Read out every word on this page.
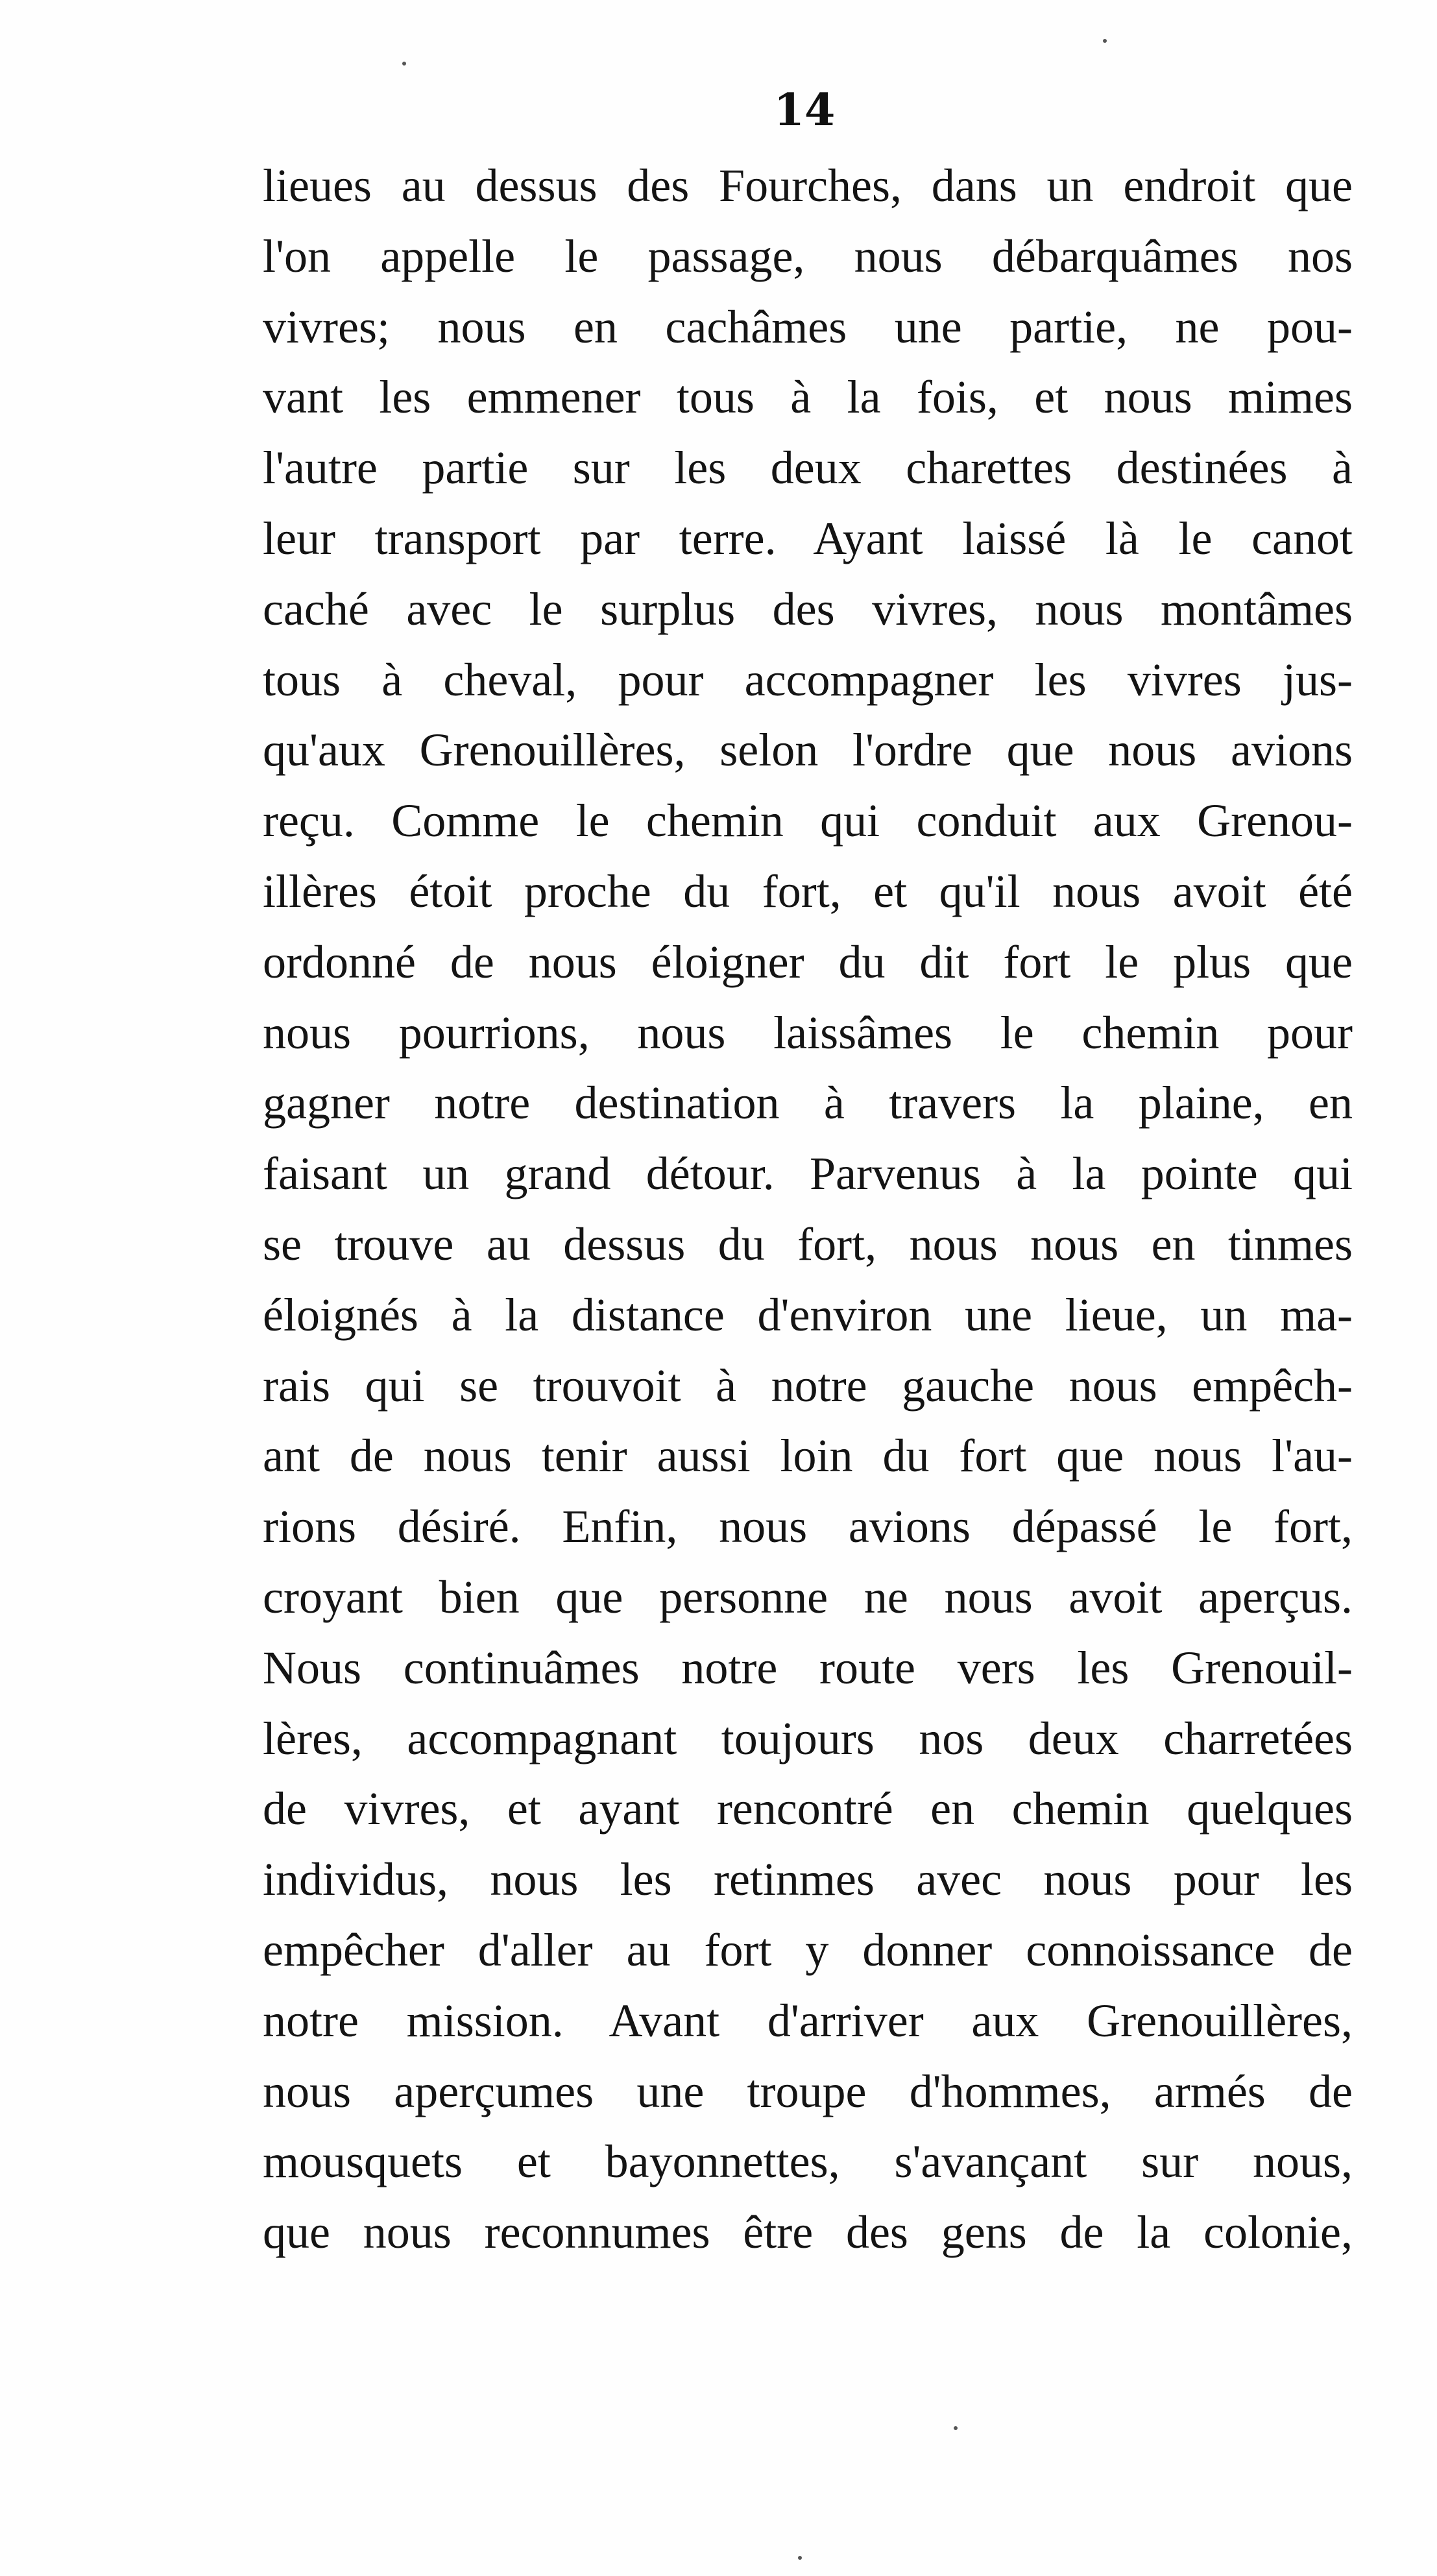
14
lieues au dessus des Fourches, dans un endroit que
l'on appelle le passage, nous débarquâmes nos
vivres; nous en cachâmes une partie, ne pou-
vant les emmener tous à la fois, et nous mimes
l'autre partie sur les deux charettes destinées à
leur transport par terre. Ayant laissé là le canot
caché avec le surplus des vivres, nous montâmes
tous à cheval, pour accompagner les vivres jus-
qu'aux Grenouillères, selon l'ordre que nous avions
reçu. Comme le chemin qui conduit aux Grenou-
illères étoit proche du fort, et qu'il nous avoit été
ordonné de nous éloigner du dit fort le plus que
nous pourrions, nous laissâmes le chemin pour
gagner notre destination à travers la plaine, en
faisant un grand détour. Parvenus à la pointe qui
se trouve au dessus du fort, nous nous en tinmes
éloignés à la distance d'environ une lieue, un ma-
rais qui se trouvoit à notre gauche nous empêch-
ant de nous tenir aussi loin du fort que nous l'au-
rions désiré. Enfin, nous avions dépassé le fort,
croyant bien que personne ne nous avoit aperçus.
Nous continuâmes notre route vers les Grenouil-
lères, accompagnant toujours nos deux charretées
de vivres, et ayant rencontré en chemin quelques
individus, nous les retinmes avec nous pour les
empêcher d'aller au fort y donner connoissance de
notre mission. Avant d'arriver aux Grenouillères,
nous aperçumes une troupe d'hommes, armés de
mousquets et bayonnettes, s'avançant sur nous,
que nous reconnumes être des gens de la colonie,
